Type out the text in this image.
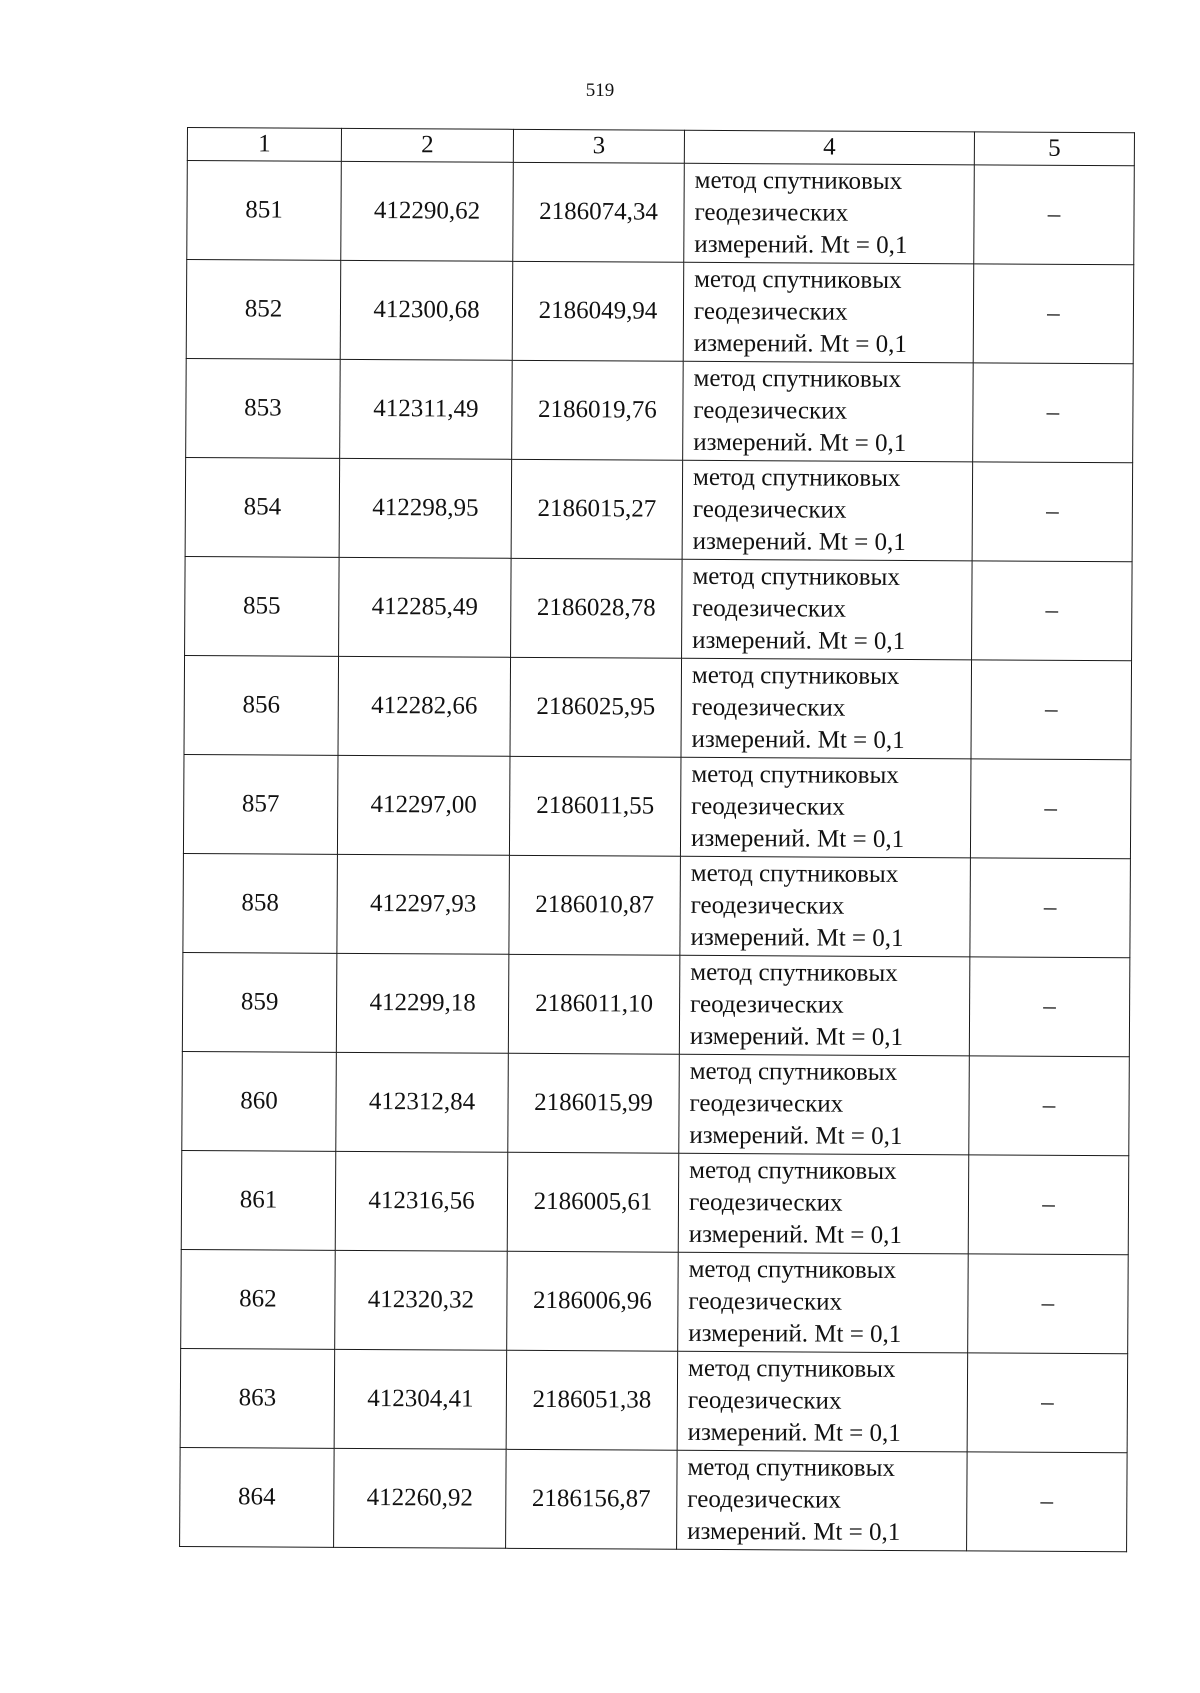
519
1	2	3	4	5
851	412290,62	2186074,34	метод спутниковых
геодезических
измерений. Mt = 0,1	–
852	412300,68	2186049,94	метод спутниковых
геодезических
измерений. Mt = 0,1	–
853	412311,49	2186019,76	метод спутниковых
геодезических
измерений. Mt = 0,1	–
854	412298,95	2186015,27	метод спутниковых
геодезических
измерений. Mt = 0,1	–
855	412285,49	2186028,78	метод спутниковых
геодезических
измерений. Mt = 0,1	–
856	412282,66	2186025,95	метод спутниковых
геодезических
измерений. Mt = 0,1	–
857	412297,00	2186011,55	метод спутниковых
геодезических
измерений. Mt = 0,1	–
858	412297,93	2186010,87	метод спутниковых
геодезических
измерений. Mt = 0,1	–
859	412299,18	2186011,10	метод спутниковых
геодезических
измерений. Mt = 0,1	–
860	412312,84	2186015,99	метод спутниковых
геодезических
измерений. Mt = 0,1	–
861	412316,56	2186005,61	метод спутниковых
геодезических
измерений. Mt = 0,1	–
862	412320,32	2186006,96	метод спутниковых
геодезических
измерений. Mt = 0,1	–
863	412304,41	2186051,38	метод спутниковых
геодезических
измерений. Mt = 0,1	–
864	412260,92	2186156,87	метод спутниковых
геодезических
измерений. Mt = 0,1	–
